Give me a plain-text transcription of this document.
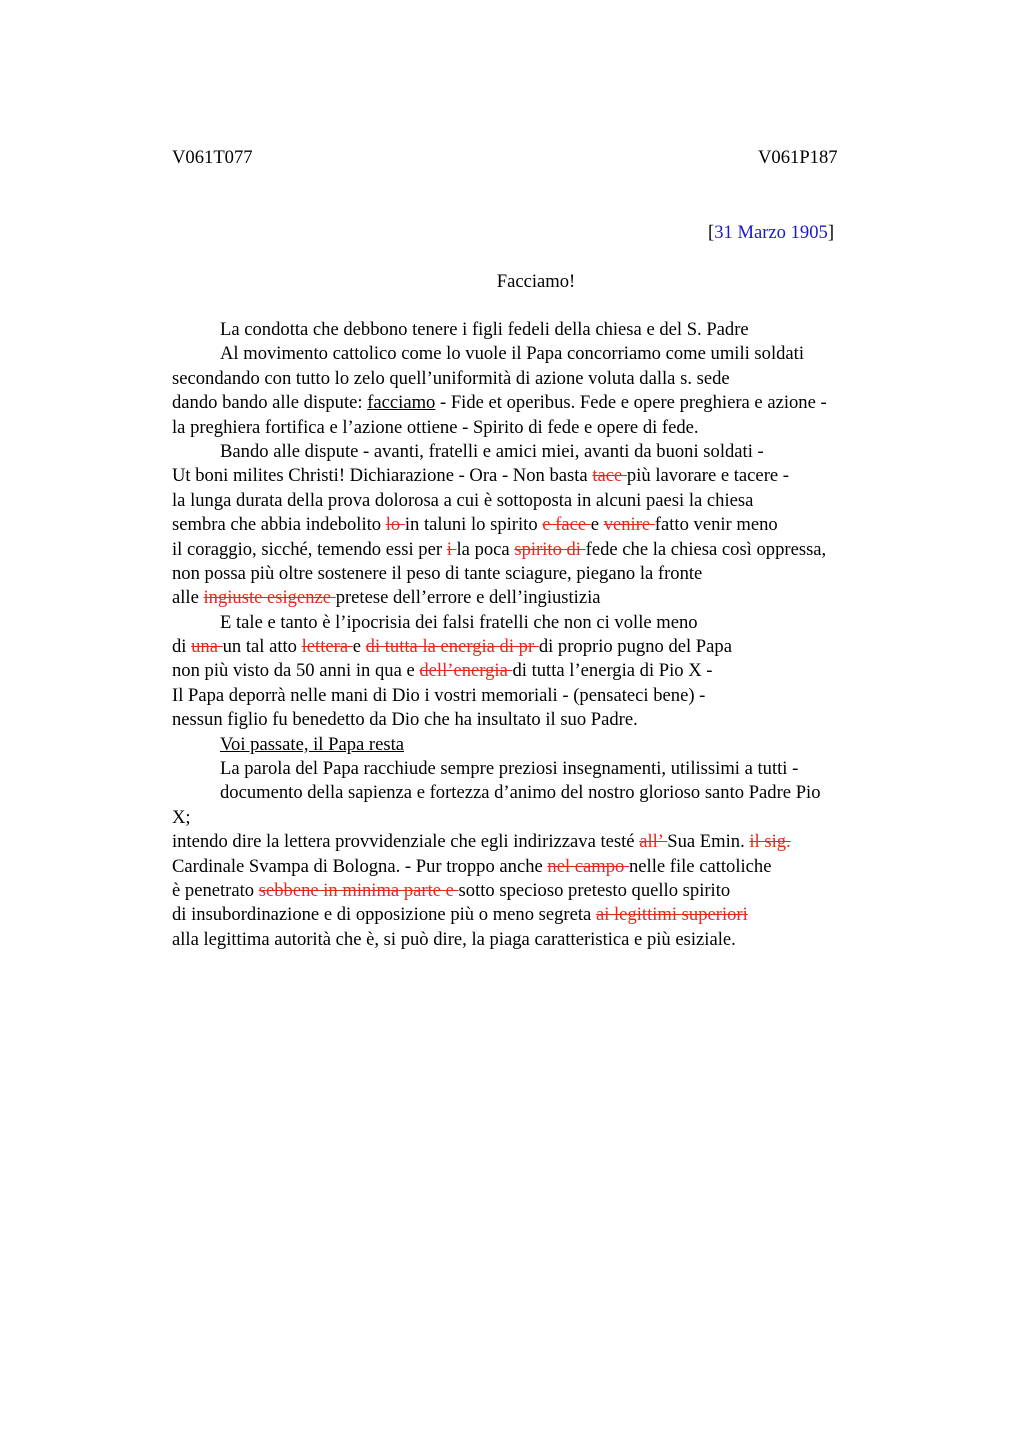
V061T077	V061P187
[31 Marzo 1905]
Facciamo!
La condotta che debbono tenere i figli fedeli della chiesa e del S. Padre
Al movimento cattolico come lo vuole il Papa concorriamo come umili soldati
secondando con tutto lo zelo quell’uniformità di azione voluta dalla s. sede
dando bando alle dispute: facciamo - Fide et operibus. Fede e opere preghiera e azione -
la preghiera fortifica e l’azione ottiene - Spirito di fede e opere di fede.
Bando alle dispute - avanti, fratelli e amici miei, avanti da buoni soldati -
Ut boni milites Christi! Dichiarazione - Ora - Non basta tace più lavorare e tacere -
la lunga durata della prova dolorosa a cui è sottoposta in alcuni paesi la chiesa
sembra che abbia indebolito lo in taluni lo spirito e face e venire fatto venir meno
il coraggio, sicché, temendo essi per i la poca spirito di fede che la chiesa così oppressa,
non possa più oltre sostenere il peso di tante sciagure, piegano la fronte
alle ingiuste esigenze pretese dell’errore e dell’ingiustizia
E tale e tanto è l’ipocrisia dei falsi fratelli che non ci volle meno
di una un tal atto lettera e di tutta la energia di pr di proprio pugno del Papa
non più visto da 50 anni in qua e dell’energia di tutta l’energia di Pio X -
Il Papa deporrà nelle mani di Dio i vostri memoriali - (pensateci bene) -
nessun figlio fu benedetto da Dio che ha insultato il suo Padre.
Voi passate, il Papa resta
La parola del Papa racchiude sempre preziosi insegnamenti, utilissimi a tutti -
documento della sapienza e fortezza d’animo del nostro glorioso santo Padre Pio
X;
intendo dire la lettera provvidenziale che egli indirizzava testé all’ Sua Emin. il sig.
Cardinale Svampa di Bologna. - Pur troppo anche nel campo nelle file cattoliche
è penetrato sebbene in minima parte e sotto specioso pretesto quello spirito
di insubordinazione e di opposizione più o meno segreta ai legittimi superiori
alla legittima autorità che è, si può dire, la piaga caratteristica e più esiziale.
